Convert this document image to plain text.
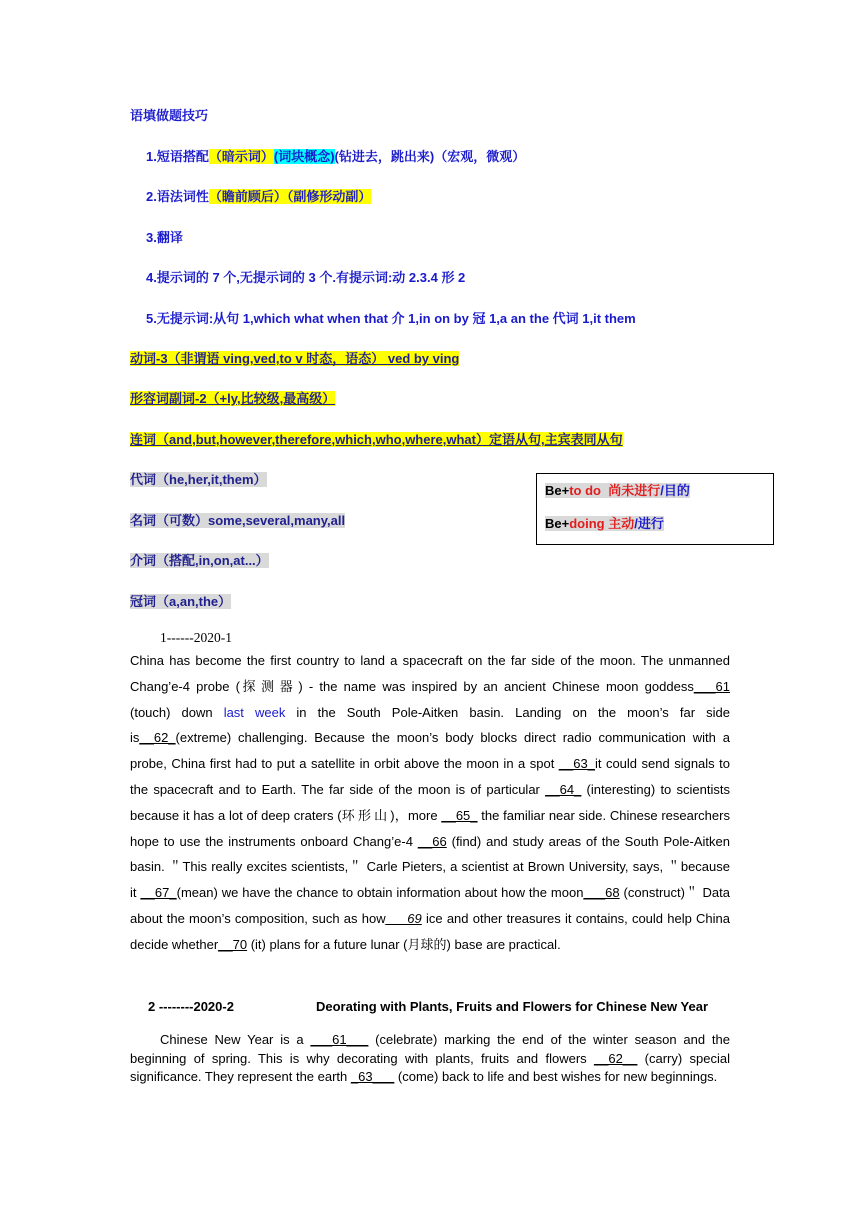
语填做题技巧
1.短语搭配（暗示词）(词块概念)(钻进去，跳出来)（宏观，微观）
2.语法词性（瞻前顾后）（副修形动副）
3.翻译
4.提示词的 7 个,无提示词的 3 个.有提示词:动 2.3.4 形 2
5.无提示词:从句 1,which what when that 介 1,in on by 冠 1,a an the 代词 1,it them
动词-3（非谓语 ving,ved,to v 时态，语态） ved by ving
形容词副词-2（+ly,比较级,最高级）
连词（and,but,however,therefore,which,who,where,what）定语从句,主宾表同从句
代词（he,her,it,them）
名词（可数）some,several,many,all
介词（搭配,in,on,at...）
冠词（a,an,the）
Be+to do 尚未进行/目的
Be+doing 主动/进行
1------2020-1
China has become the first country to land a spacecraft on the far side of the moon. The unmanned Chang’e-4 probe (探测器) - the name was inspired by an ancient Chinese moon goddess___61 (touch) down last week in the South Pole-Aitken basin. Landing on the moon’s far side is__62_(extreme) challenging. Because the moon’s body blocks direct radio communication with a probe, China first had to put a satellite in orbit above the moon in a spot __63_it could send signals to the spacecraft and to Earth. The far side of the moon is of particular __64_ (interesting) to scientists because it has a lot of deep craters (环形山)，more __65_ the familiar near side. Chinese researchers hope to use the instruments onboard Chang’e-4 __66 (find) and study areas of the South Pole-Aitken basin. ＂This really excites scientists,＂ Carle Pieters, a scientist at Brown University, says, ＂because it __67_(mean) we have the chance to obtain information about how the moon___68 (construct)＂ Data about the moon’s composition, such as how___69 ice and other treasures it contains, could help China decide whether__70 (it) plans for a future lunar (月球的) base are practical.
2 --------2020-2	Deorating with Plants, Fruits and Flowers for Chinese New Year
Chinese New Year is a ___61___ (celebrate) marking the end of the winter season and the beginning of spring. This is why decorating with plants, fruits and flowers __62__ (carry) special significance. They represent the earth _63___ (come) back to life and best wishes for new beginnings.
